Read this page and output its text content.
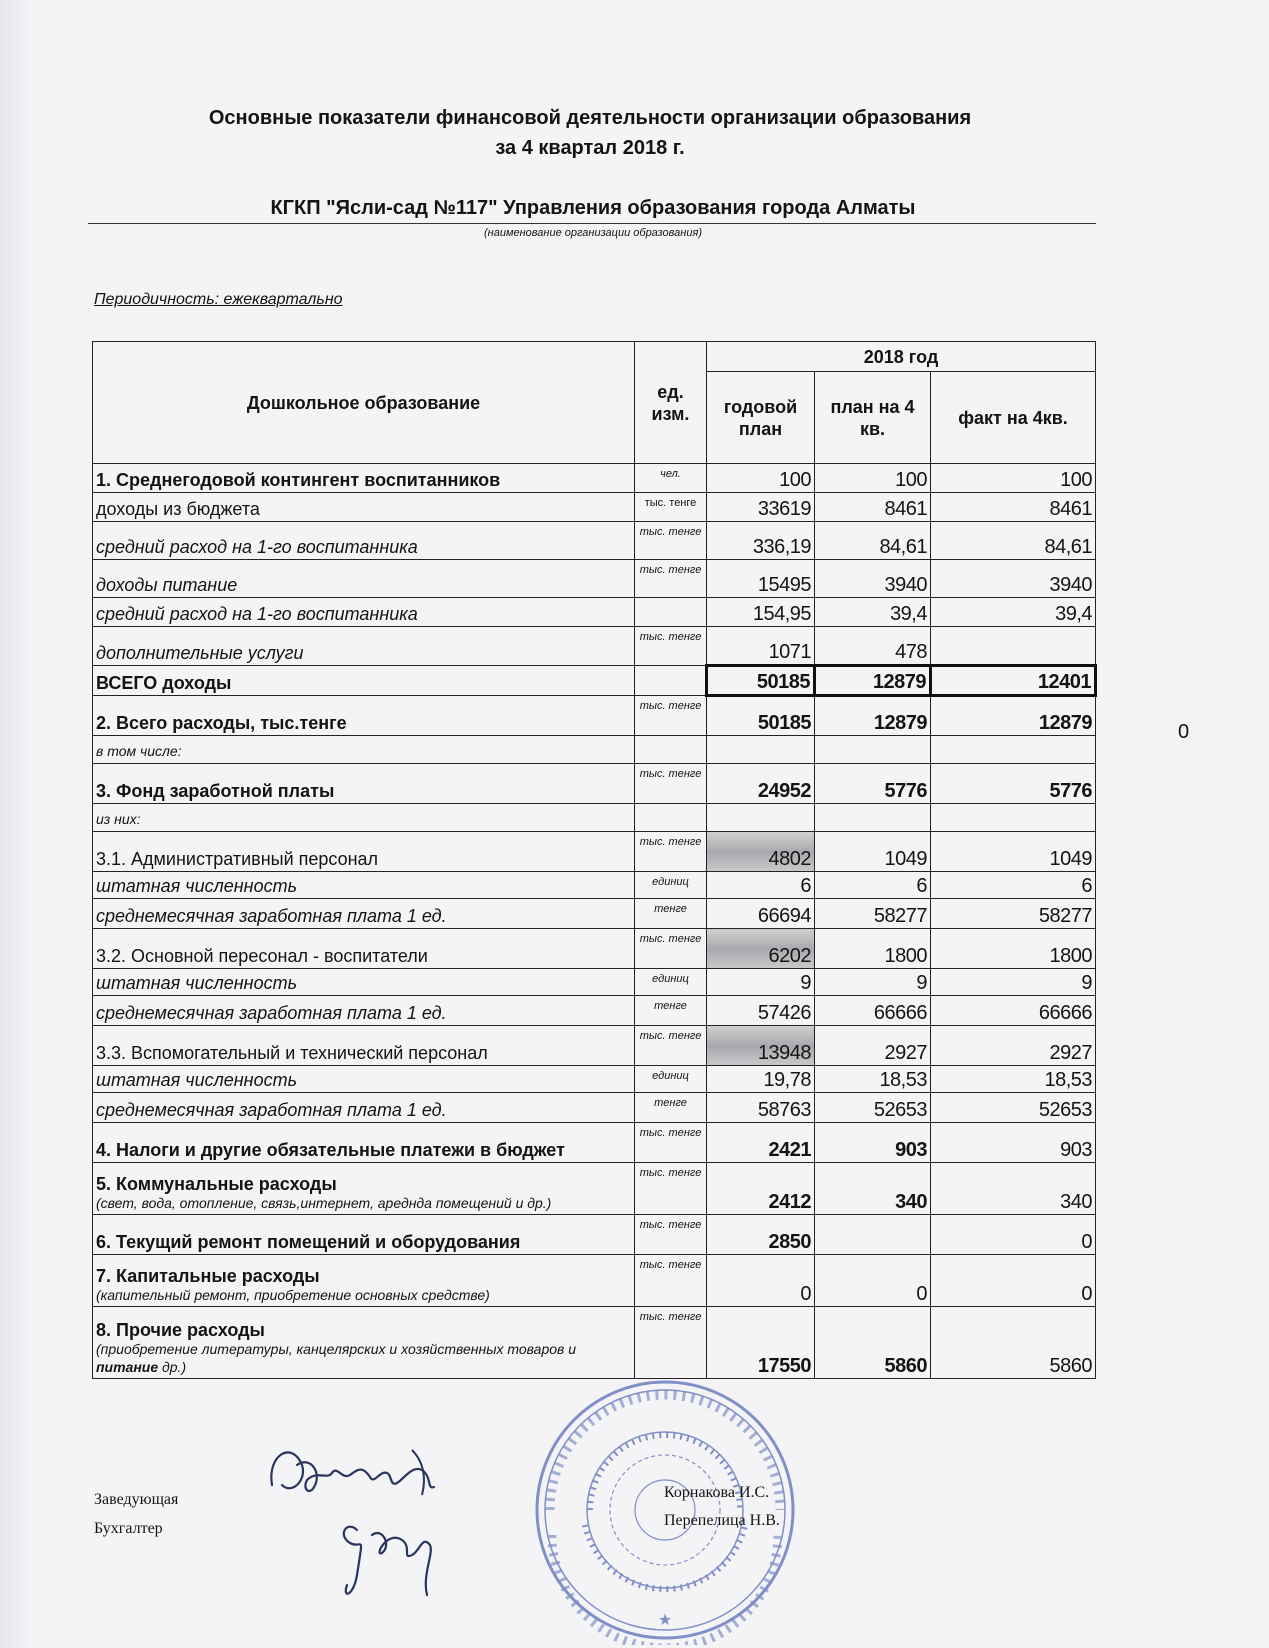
Основные показатели финансовой деятельности организации образования
за 4 квартал 2018 г.
КГКП "Ясли-сад №117" Управления образования города Алматы
(наименование организации образования)
Периодичность: ежеквартально
Дошкольное образование	ед. изм.	2018 год		
		годовой план	план на 4 кв.	факт на 4кв.
1. Среднегодовой контингент воспитанников	чел.	100	100	100
доходы из бюджета	тыс. тенге	33619	8461	8461
средний расход на 1-го воспитанника	тыс. тенге	336,19	84,61	84,61
доходы питание	тыс. тенге	15495	3940	3940
средний расход на 1-го воспитанника		154,95	39,4	39,4
дополнительные услуги	тыс. тенге	1071	478	
ВСЕГО доходы		50185	12879	12401
2. Всего расходы, тыс.тенге	тыс. тенге	50185	12879	12879
в том числе:				
3. Фонд заработной платы	тыс. тенге	24952	5776	5776
из них:				
3.1. Административный персонал	тыс. тенге	4802	1049	1049
штатная численность	единиц	6	6	6
среднемесячная заработная плата 1 ед.	тенге	66694	58277	58277
3.2. Основной пересонал - воспитатели	тыс. тенге	6202	1800	1800
штатная численность	единиц	9	9	9
среднемесячная заработная плата 1 ед.	тенге	57426	66666	66666
3.3. Вспомогательный и технический персонал	тыс. тенге	13948	2927	2927
штатная численность	единиц	19,78	18,53	18,53
среднемесячная заработная плата 1 ед.	тенге	58763	52653	52653
4. Налоги и другие обязательные платежи в бюджет	тыс. тенге	2421	903	903
5. Коммунальные расходы
(свет, вода, отопление, связь,интернет, ареднда помещений и др.)	тыс. тенге	2412	340	340
6. Текущий ремонт помещений и оборудования	тыс. тенге	2850		0
7. Капитальные расходы
(капительный ремонт, приобретение основных средстве)	тыс. тенге	0	0	0
8. Прочие расходы
(приобретение литературы, канцелярских и хозяйственных товаров и
питание др.)	тыс. тенге	17550	5860	5860
0
★
Заведующая
Бухгалтер
Корнакова И.С.
Перепелица Н.В.
